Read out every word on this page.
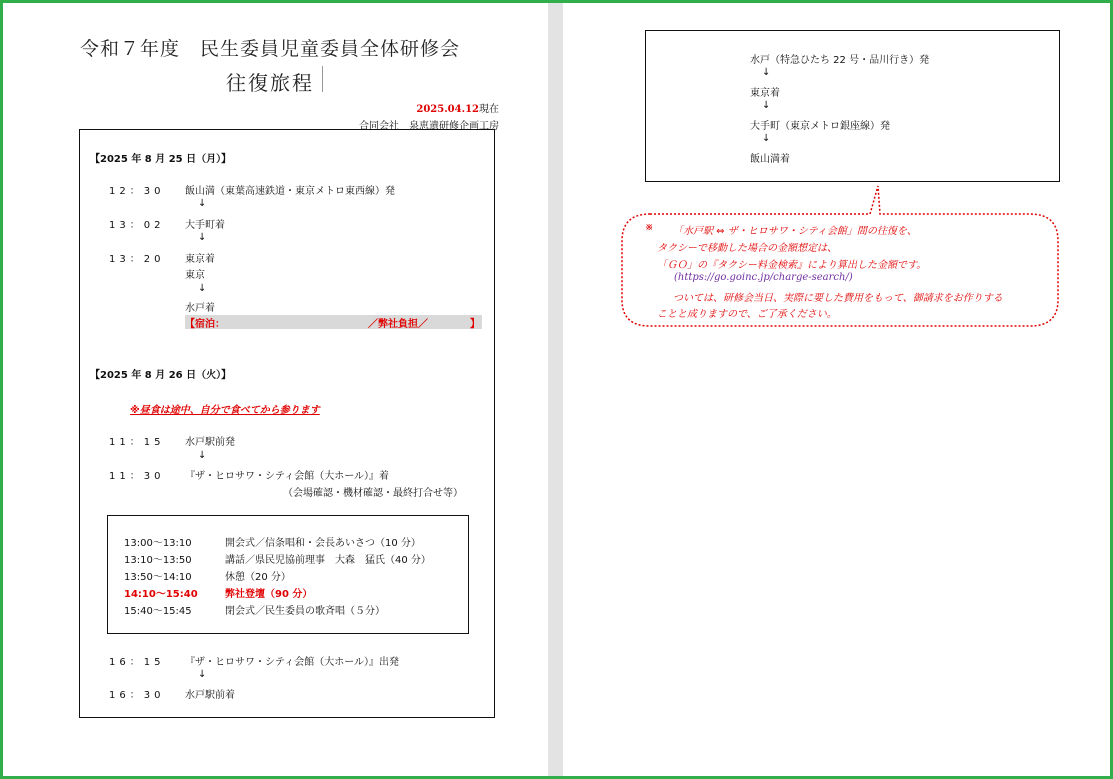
令和７年度　民生委員児童委員全体研修会
往復旅程
2025.04.12現在
合同会社　泉恵遺研修企画工房
【2025 年 8 月 25 日（月）】
12：30 飯山満（東葉高速鉄道・東京メトロ東西線）発
↓
13：02 大手町着
↓
13：20 東京着
東京
↓
水戸着
【宿泊：	／弊社負担／	】
【2025 年 8 月 26 日（火）】
※昼食は途中、自分で食べてから参ります
11：15 水戸駅前発
↓
11：30 『ザ・ヒロサワ・シティ会館（大ホール）』着
（会場確認・機材確認・最終打合せ等）
13:00〜13:10	開会式／信条唱和・会長あいさつ（10 分）
13:10〜13:50	講話／県民児協前理事　大森　猛氏（40 分）
13:50〜14:10	休憩（20 分）
14:10〜15:40	弊社登壇（90 分）
15:40〜15:45	閉会式／民生委員の歌斉唱（５分）
16：15 『ザ・ヒロサワ・シティ会館（大ホール）』出発
↓
16：30 水戸駅前着
水戸（特急ひたち 22 号・品川行き）発
↓
東京着
↓
大手町（東京メトロ銀座線）発
↓
飯山満着
※ 「水戸駅 ⇔ ザ・ヒロサワ・シティ会館」間の往復を、
タクシーで移動した場合の金額想定は、
「ＧＯ」の『タクシー料金検索』により算出した金額です。
(https://go.goinc.jp/charge-search/)
ついては、研修会当日、実際に要した費用をもって、御請求をお作りする
ことと成りますので、ご了承ください。
